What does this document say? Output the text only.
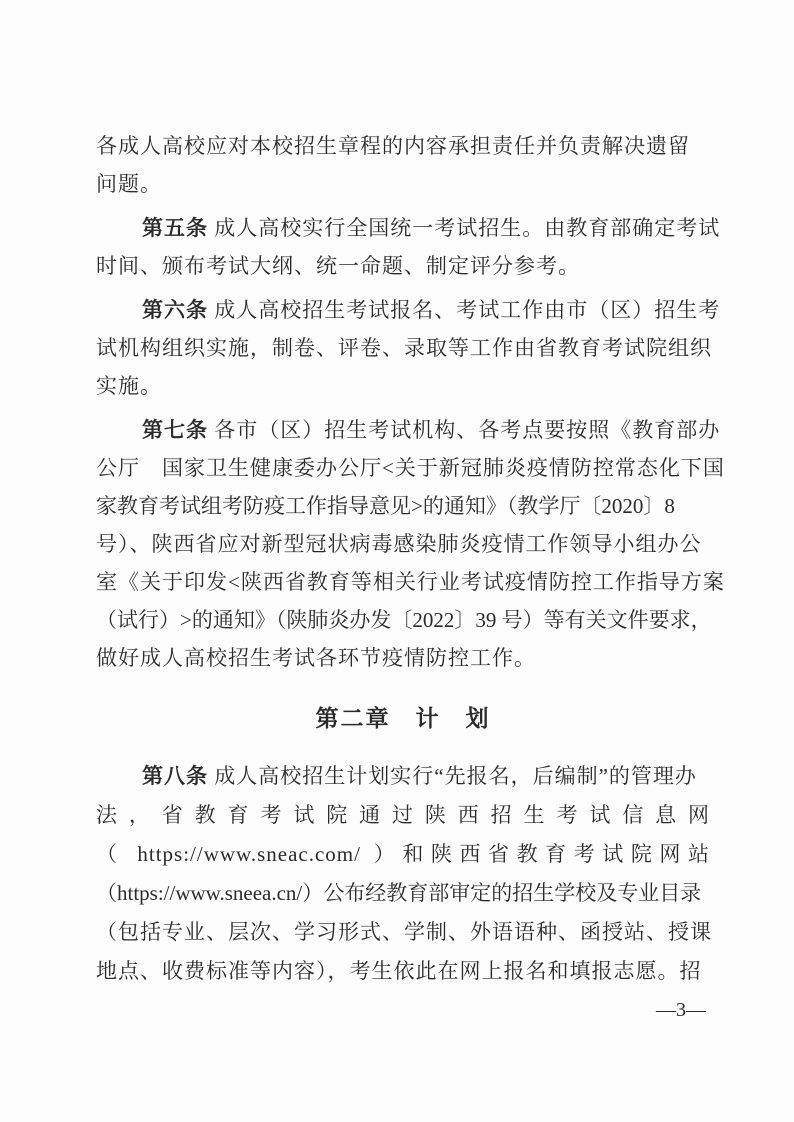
各成人高校应对本校招生章程的内容承担责任并负责解决遗留
问题。
第五条 成人高校实行全国统一考试招生。由教育部确定考试
时间、颁布考试大纲、统一命题、制定评分参考。
第六条 成人高校招生考试报名、考试工作由市（区）招生考
试机构组织实施，制卷、评卷、录取等工作由省教育考试院组织
实施。
第七条 各市（区）招生考试机构、各考点要按照《教育部办
公厅　国家卫生健康委办公厅<关于新冠肺炎疫情防控常态化下国
家教育考试组考防疫工作指导意见>的通知》（教学厅〔2020〕8
号）、陕西省应对新型冠状病毒感染肺炎疫情工作领导小组办公
室《关于印发<陕西省教育等相关行业考试疫情防控工作指导方案
（试行）>的通知》（陕肺炎办发〔2022〕39 号）等有关文件要求，
做好成人高校招生考试各环节疫情防控工作。
第二章　计　划
第八条 成人高校招生计划实行“先报名，后编制”的管理办
法，省教育考试院通过陕西招生考试信息网
（ https://www.sneac.com/ ）和陕西省教育考试院网站
（https://www.sneea.cn/）公布经教育部审定的招生学校及专业目录
（包括专业、层次、学习形式、学制、外语语种、函授站、授课
地点、收费标准等内容），考生依此在网上报名和填报志愿。招
—3—
